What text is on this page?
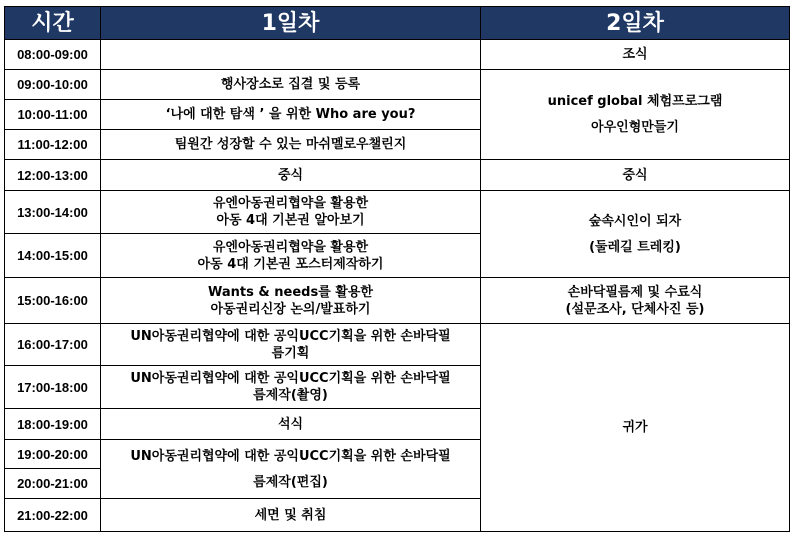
시간	1일차	2일차
08:00-09:00		조식
09:00-10:00	행사장소로 집결 및 등록	unicef global 체험프로그램
아우인형만들기

10:00-11:00	‘나에 대한 탐색 ’ 을 위한 Who are you?	
11:00-12:00	팀원간 성장할 수 있는 마쉬멜로우챌린지	
12:00-13:00	중식	중식
13:00-14:00	유엔아동권리협약을 활용한
아동 4대 기본권 알아보기	숲속시인이 되자
(둘레길 트레킹)

14:00-15:00	유엔아동권리협약을 활용한
아동 4대 기본권 포스터제작하기	

15:00-16:00	Wants & needs를 활용한
아동권리신장 논의/발표하기	손바닥필름제 및 수료식
(설문조사, 단체사진 등)

16:00-17:00	UN아동권리협약에 대한 공익UCC기획을 위한 손바닥필
름기획	귀가
17:00-18:00	UN아동권리협약에 대한 공익UCC기획을 위한 손바닥필
름제작(촬영)	

18:00-19:00	석식	
19:00-20:00	UN아동권리협약에 대한 공익UCC기획을 위한 손바닥필
름제작(편집)	

20:00-21:00		
21:00-22:00	세면 및 취침	
